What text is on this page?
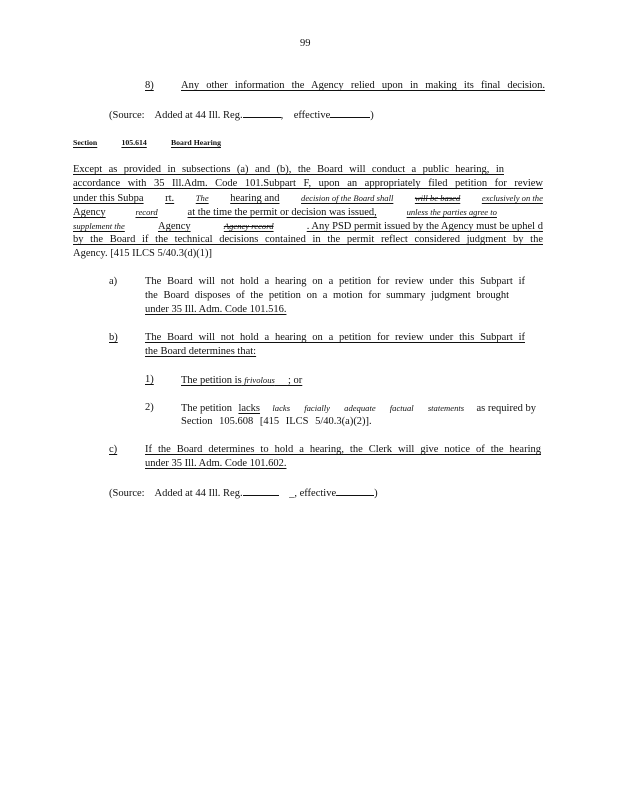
99
8)	Any other information the Agency relied upon in making its final decision.
(Source: Added at 44 Ill. Reg.	,    effective	)
Section	105.614	Board Hearing
Except as provided in subsections (a) and (b), the Board will conduct a public hearing, in
accordance with 35 Ill.Adm. Code 101.Subpart F, upon an appropriately filed petition for review
under this Subpa rt.	The hearing and	decision of the Board shall	will be based	exclusively on the
Agency	record	at the time the permit or decision was issued,	unless the parties agree to
supplement the	Agency	Agency record	. Any PSD permit issued by the Agency must be uphel d
by the Board if the technical decisions contained in the permit reflect considered judgment by the
Agency. [415 ILCS 5/40.3(d)(1)]
a)	The Board will not hold a hearing on a petition for review under this Subpart if
the Board disposes of the petition on a motion for summary judgment brought
under 35 Ill. Adm. Code 101.516.
b)	The Board will not hold a hearing on a petition for review under this Subpart if
the Board determines that:
1)	The petition is frivolous ; or
2)	The petition lacks lacks facially adequate factual statements as required by
Section 105.608 [415 ILCS 5/40.3(a)(2)].
c)	If the Board determines to hold a hearing, the Clerk will give notice of the hearing
under 35 Ill. Adm. Code 101.602.
(Source: Added at 44 Ill. Reg.	_, effective	)
